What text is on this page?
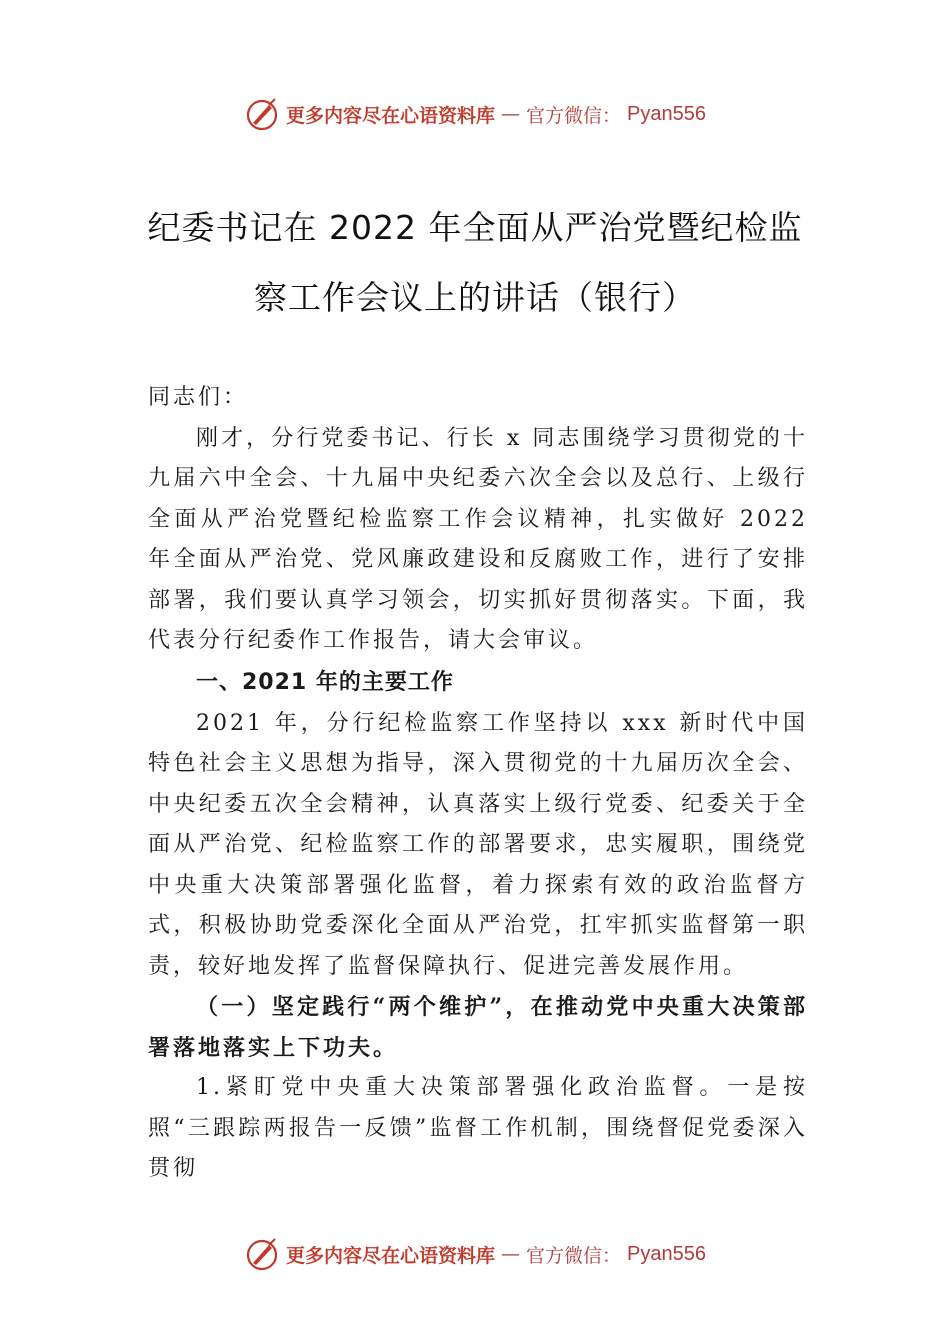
更多内容尽在心语资料库 — 官方微信： Pyan556
纪委书记在 2022 年全面从严治党暨纪检监
察工作会议上的讲话（银行）

同志们：

刚才，分行党委书记、行长 x 同志围绕学习贯彻党的十九届六中全会、十九届中央纪委六次全会以及总行、上级行全面从严治党暨纪检监察工作会议精神，扎实做好 2022 年全面从严治党、党风廉政建设和反腐败工作，进行了安排部署，我们要认真学习领会，切实抓好贯彻落实。下面，我代表分行纪委作工作报告，请大会审议。

一、2021 年的主要工作

2021 年，分行纪检监察工作坚持以 xxx 新时代中国特色社会主义思想为指导，深入贯彻党的十九届历次全会、中央纪委五次全会精神，认真落实上级行党委、纪委关于全面从严治党、纪检监察工作的部署要求，忠实履职，围绕党中央重大决策部署强化监督，着力探索有效的政治监督方式，积极协助党委深化全面从严治党，扛牢抓实监督第一职责，较好地发挥了监督保障执行、促进完善发展作用。

（一）坚定践行“两个维护”，在推动党中央重大决策部署落地落实上下功夫。

1.紧盯党中央重大决策部署强化政治监督。一是按照“三跟踪两报告一反馈”监督工作机制，围绕督促党委深入贯彻

更多内容尽在心语资料库 — 官方微信： Pyan556
